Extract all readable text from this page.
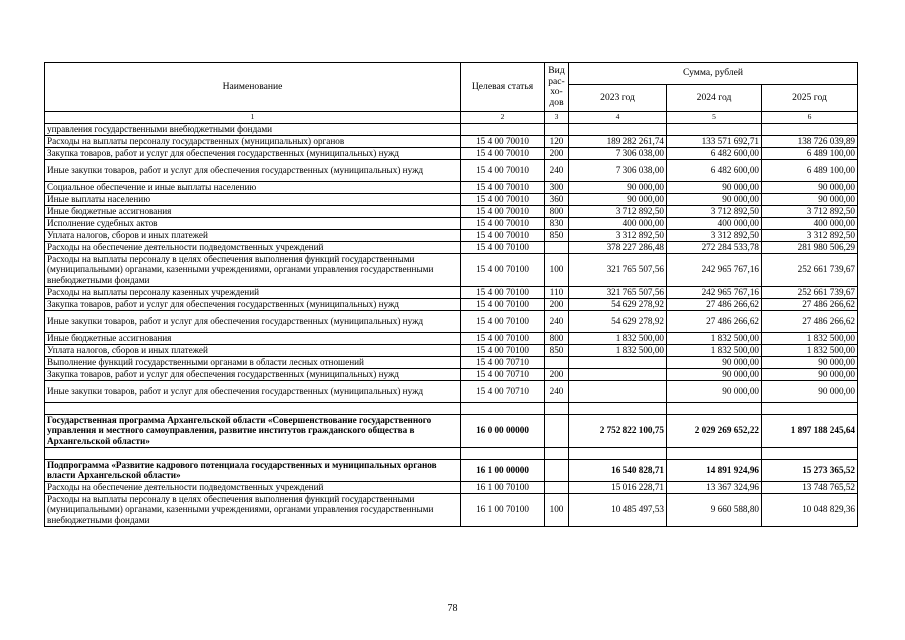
Наименование	Целевая статья	Вид рас-хо-дов	Сумма, рублей		
			2023 год	2024 год	2025 год
1	2	3	4	5	6
управления государственными внебюджетными фондами					
Расходы на выплаты персоналу государственных (муниципальных) органов	15 4 00 70010	120	189 282 261,74	133 571 692,71	138 726 039,89
Закупка товаров, работ и услуг для обеспечения государственных (муниципальных) нужд	15 4 00 70010	200	7 306 038,00	6 482 600,00	6 489 100,00
Иные закупки товаров, работ и услуг для обеспечения государственных (муниципальных) нужд	15 4 00 70010	240	7 306 038,00	6 482 600,00	6 489 100,00
Социальное обеспечение и иные выплаты населению	15 4 00 70010	300	90 000,00	90 000,00	90 000,00
Иные выплаты населению	15 4 00 70010	360	90 000,00	90 000,00	90 000,00
Иные бюджетные ассигнования	15 4 00 70010	800	3 712 892,50	3 712 892,50	3 712 892,50
Исполнение судебных актов	15 4 00 70010	830	400 000,00	400 000,00	400 000,00
Уплата налогов, сборов и иных платежей	15 4 00 70010	850	3 312 892,50	3 312 892,50	3 312 892,50
Расходы на обеспечение деятельности подведомственных учреждений	15 4 00 70100		378 227 286,48	272 284 533,78	281 980 506,29
Расходы на выплаты персоналу в целях обеспечения выполнения функций государственными (муниципальными) органами, казенными учреждениями, органами управления государственными внебюджетными фондами	15 4 00 70100	100	321 765 507,56	242 965 767,16	252 661 739,67
Расходы на выплаты персоналу казенных учреждений	15 4 00 70100	110	321 765 507,56	242 965 767,16	252 661 739,67
Закупка товаров, работ и услуг для обеспечения государственных (муниципальных) нужд	15 4 00 70100	200	54 629 278,92	27 486 266,62	27 486 266,62
Иные закупки товаров, работ и услуг для обеспечения государственных (муниципальных) нужд	15 4 00 70100	240	54 629 278,92	27 486 266,62	27 486 266,62
Иные бюджетные ассигнования	15 4 00 70100	800	1 832 500,00	1 832 500,00	1 832 500,00
Уплата налогов, сборов и иных платежей	15 4 00 70100	850	1 832 500,00	1 832 500,00	1 832 500,00
Выполнение функций государственными органами в области лесных отношений	15 4 00 70710			90 000,00	90 000,00
Закупка товаров, работ и услуг для обеспечения государственных (муниципальных) нужд	15 4 00 70710	200		90 000,00	90 000,00
Иные закупки товаров, работ и услуг для обеспечения государственных (муниципальных) нужд	15 4 00 70710	240		90 000,00	90 000,00

Государственная программа Архангельской области «Совершенствование государственного управления и местного самоуправления, развитие институтов гражданского общества в Архангельской области»	16 0 00 00000		2 752 822 100,75	2 029 269 652,22	1 897 188 245,64

Подпрограмма «Развитие кадрового потенциала государственных и муниципальных органов власти Архангельской области»	16 1 00 00000		16 540 828,71	14 891 924,96	15 273 365,52
Расходы на обеспечение деятельности подведомственных учреждений	16 1 00 70100		15 016 228,71	13 367 324,96	13 748 765,52
Расходы на выплаты персоналу в целях обеспечения выполнения функций государственными (муниципальными) органами, казенными учреждениями, органами управления государственными внебюджетными фондами	16 1 00 70100	100	10 485 497,53	9 660 588,80	10 048 829,36
78
